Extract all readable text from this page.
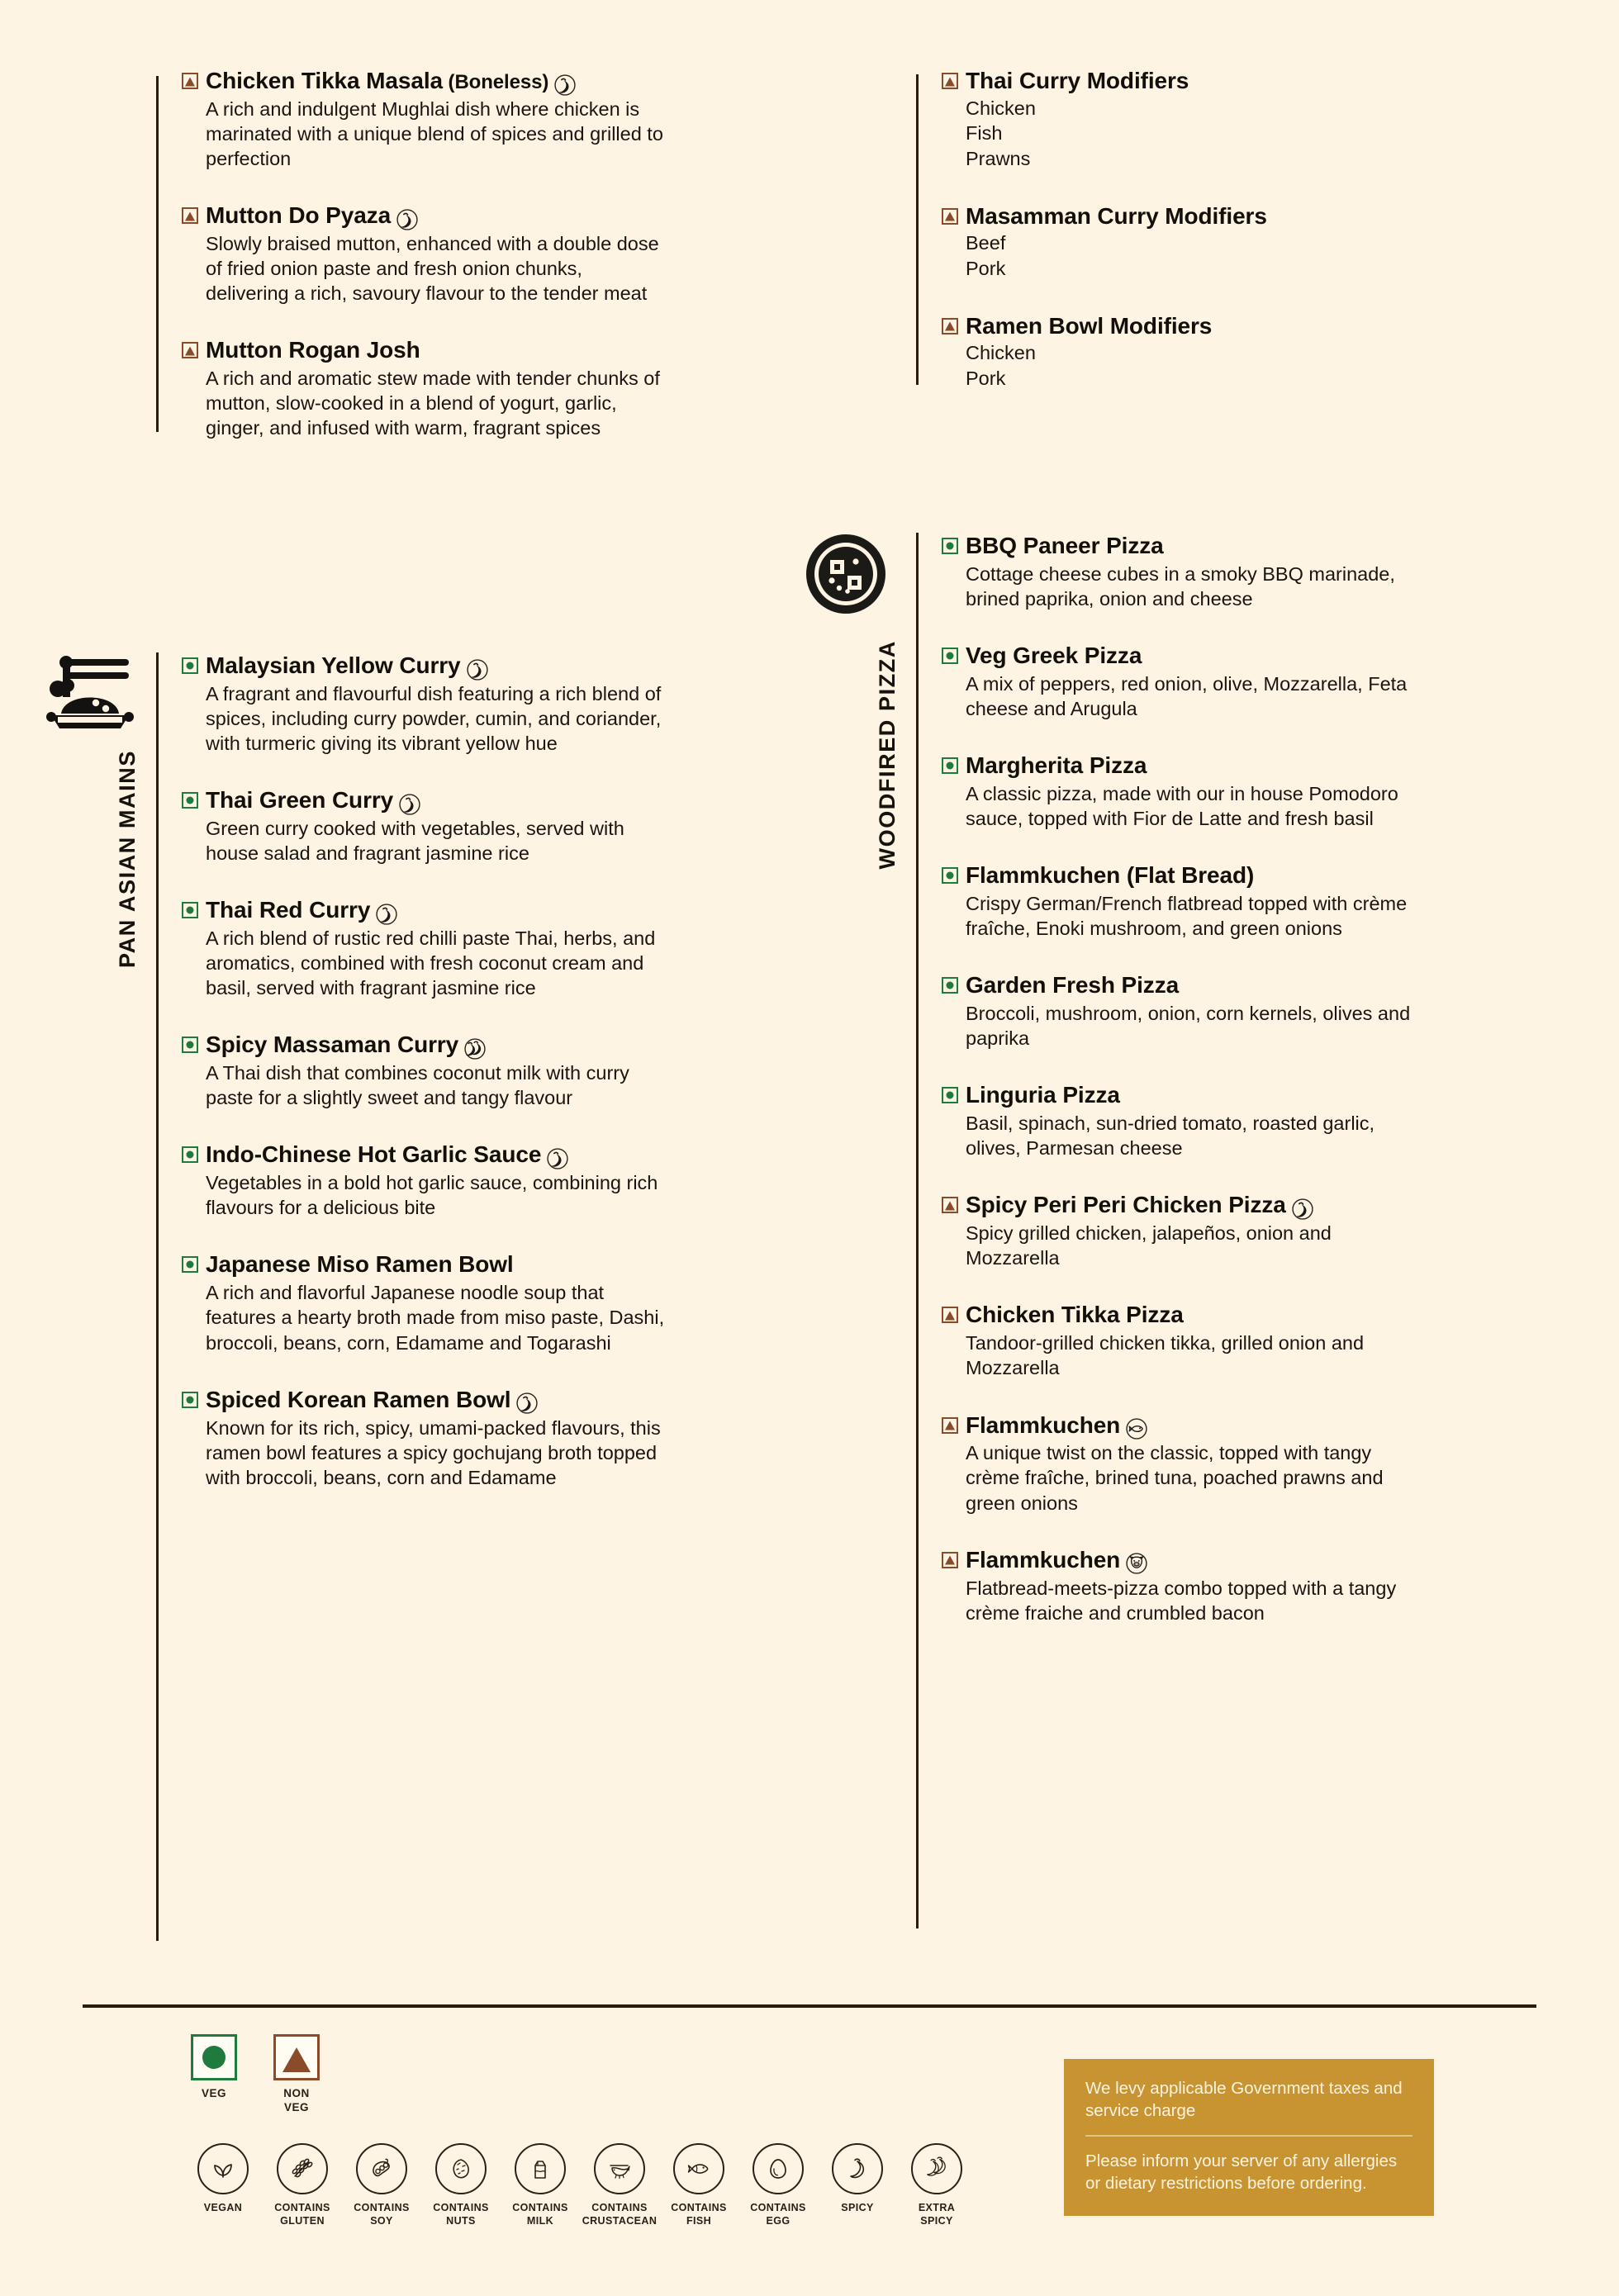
Chicken Tikka Masala (Boneless)
A rich and indulgent Mughlai dish where chicken is marinated with a unique blend of spices and grilled to perfection
Mutton Do Pyaza
Slowly braised mutton, enhanced with a double dose of fried onion paste and fresh onion chunks, delivering a rich, savoury flavour to the tender meat
Mutton Rogan Josh
A rich and aromatic stew made with tender chunks of mutton, slow-cooked in a blend of yogurt, garlic, ginger, and infused with warm, fragrant spices
Thai Curry Modifiers
Chicken
Fish
Prawns
Masamman Curry Modifiers
Beef
Pork
Ramen Bowl Modifiers
Chicken
Pork
PAN ASIAN MAINS
Malaysian Yellow Curry
A fragrant and flavourful dish featuring a rich blend of spices, including curry powder, cumin, and coriander, with turmeric giving its vibrant yellow hue
Thai Green Curry
Green curry cooked with vegetables, served with house salad and fragrant jasmine rice
Thai Red Curry
A rich blend of rustic red chilli paste Thai, herbs, and aromatics, combined with fresh coconut cream and basil, served with fragrant jasmine rice
Spicy Massaman Curry
A Thai dish that combines coconut milk with curry paste for a slightly sweet and tangy flavour
Indo-Chinese Hot Garlic Sauce
Vegetables in a bold hot garlic sauce, combining rich flavours for a delicious bite
Japanese Miso Ramen Bowl
A rich and flavorful Japanese noodle soup that features a hearty broth made from miso paste, Dashi, broccoli, beans, corn, Edamame and Togarashi
Spiced Korean Ramen Bowl
Known for its rich, spicy, umami-packed flavours, this ramen bowl features a spicy gochujang broth topped with broccoli, beans, corn and Edamame
WOODFIRED PIZZA
BBQ Paneer Pizza
Cottage cheese cubes in a smoky BBQ marinade, brined paprika, onion and cheese
Veg Greek Pizza
A mix of peppers, red onion, olive, Mozzarella, Feta cheese and Arugula
Margherita Pizza
A classic pizza, made with our in house Pomodoro sauce, topped with Fior de Latte and fresh basil
Flammkuchen (Flat Bread)
Crispy German/French flatbread topped with crème fraîche, Enoki mushroom, and green onions
Garden Fresh Pizza
Broccoli, mushroom, onion, corn kernels, olives and paprika
Linguria Pizza
Basil, spinach, sun-dried tomato, roasted garlic, olives, Parmesan cheese
Spicy Peri Peri Chicken Pizza
Spicy grilled chicken, jalapeños, onion and Mozzarella
Chicken Tikka Pizza
Tandoor-grilled chicken tikka, grilled onion and Mozzarella
Flammkuchen
A unique twist on the classic, topped with tangy crème fraîche, brined tuna, poached prawns and green onions
Flammkuchen
Flatbread-meets-pizza combo topped with a tangy crème fraiche and crumbled bacon
VEG	NON
VEG
VEGAN	CONTAINS
GLUTEN
CONTAINS
SOY
CONTAINS
NUTS
CONTAINS
MILK
CONTAINS
CRUSTACEAN
CONTAINS
FISH
CONTAINS
EGG
SPICY	EXTRA
SPICY

We levy applicable Government taxes and service charge

Please inform your server of any allergies or dietary restrictions before ordering.
